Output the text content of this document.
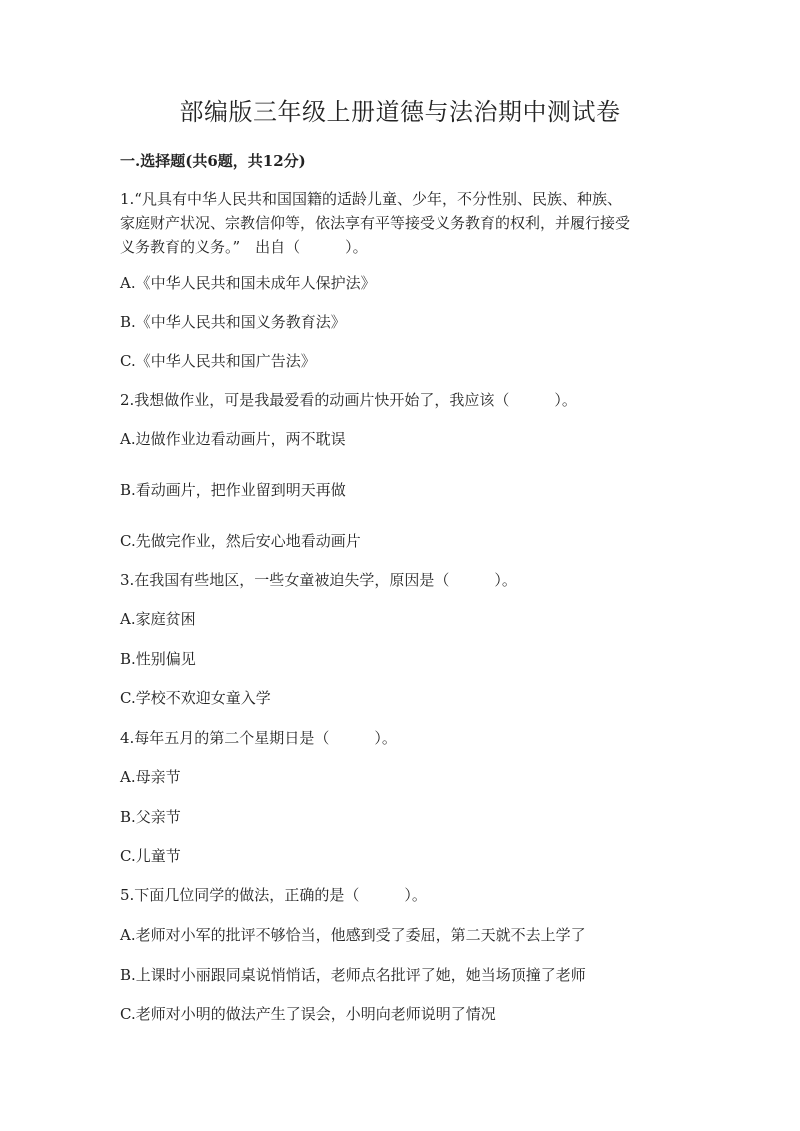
部编版三年级上册道德与法治期中测试卷
一.选择题(共6题，共12分)
1.“凡具有中华人民共和国国籍的适龄儿童、少年，不分性别、民族、种族、
家庭财产状况、宗教信仰等，依法享有平等接受义务教育的权利，并履行接受
义务教育的义务。”　出自（　　　）。
A.《中华人民共和国未成年人保护法》
B.《中华人民共和国义务教育法》
C.《中华人民共和国广告法》
2.我想做作业，可是我最爱看的动画片快开始了，我应该（　　　）。
A.边做作业边看动画片，两不耽误
B.看动画片，把作业留到明天再做
C.先做完作业，然后安心地看动画片
3.在我国有些地区，一些女童被迫失学，原因是（　　　）。
A.家庭贫困
B.性别偏见
C.学校不欢迎女童入学
4.每年五月的第二个星期日是（　　　）。
A.母亲节
B.父亲节
C.儿童节
5.下面几位同学的做法，正确的是（　　　）。
A.老师对小军的批评不够恰当，他感到受了委屈，第二天就不去上学了
B.上课时小丽跟同桌说悄悄话，老师点名批评了她，她当场顶撞了老师
C.老师对小明的做法产生了误会，小明向老师说明了情况
